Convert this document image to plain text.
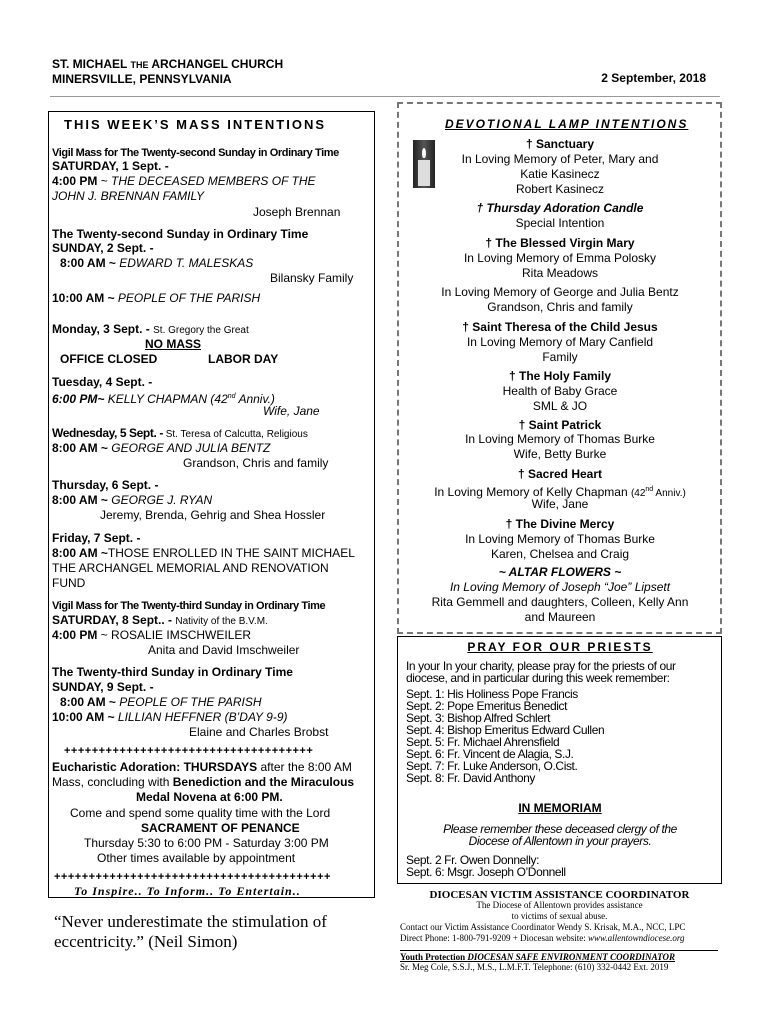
ST. MICHAEL THE ARCHANGEL CHURCH
MINERSVILLE, PENNSYLVANIA	2 September, 2018
THIS WEEK’S MASS INTENTIONS
Vigil Mass for The Twenty-second Sunday in Ordinary Time
SATURDAY, 1 Sept. -
4:00 PM ~ THE DECEASED MEMBERS OF THE
JOHN J. BRENNAN FAMILY
Joseph Brennan
The Twenty-second Sunday in Ordinary Time
SUNDAY, 2 Sept. -
8:00 AM ~ EDWARD T. MALESKAS
Bilansky Family
10:00 AM ~ PEOPLE OF THE PARISH
Monday, 3 Sept. - St. Gregory the Great
NO MASS
OFFICE CLOSED	LABOR DAY
Tuesday, 4 Sept. -
6:00 PM~ KELLY CHAPMAN (42nd Anniv.)
Wife, Jane
Wednesday, 5 Sept. - St. Teresa of Calcutta, Religious
8:00 AM ~ GEORGE AND JULIA BENTZ
Grandson, Chris and family
Thursday, 6 Sept. -
8:00 AM ~ GEORGE J. RYAN
Jeremy, Brenda, Gehrig and Shea Hossler
Friday, 7 Sept. -
8:00 AM ~THOSE ENROLLED IN THE SAINT MICHAEL
THE ARCHANGEL MEMORIAL AND RENOVATION
FUND
Vigil Mass for The Twenty-third Sunday in Ordinary Time
SATURDAY, 8 Sept.. - Nativity of the B.V.M.
4:00 PM ~ ROSALIE IMSCHWEILER
Anita and David Imschweiler
The Twenty-third Sunday in Ordinary Time
SUNDAY, 9 Sept. -
8:00 AM ~ PEOPLE OF THE PARISH
10:00 AM ~ LILLIAN HEFFNER (B’DAY 9-9)
Elaine and Charles Brobst
++++++++++++++++++++++++++++++++++++
Eucharistic Adoration: THURSDAYS after the 8:00 AM
Mass, concluding with Benediction and the Miraculous
Medal Novena at 6:00 PM.
Come and spend some quality time with the Lord
SACRAMENT OF PENANCE
Thursday 5:30 to 6:00 PM - Saturday 3:00 PM
Other times available by appointment
++++++++++++++++++++++++++++++++++++++++
To Inspire.. To Inform.. To Entertain..
“Never underestimate the stimulation of
eccentricity.” (Neil Simon)
DEVOTIONAL LAMP INTENTIONS
† Sanctuary
In Loving Memory of Peter, Mary and
Katie Kasinecz
Robert Kasinecz
† Thursday Adoration Candle
Special Intention
† The Blessed Virgin Mary
In Loving Memory of Emma Polosky
Rita Meadows
In Loving Memory of George and Julia Bentz
Grandson, Chris and family
† Saint Theresa of the Child Jesus
In Loving Memory of Mary Canfield
Family
† The Holy Family
Health of Baby Grace
SML & JO
† Saint Patrick
In Loving Memory of Thomas Burke
Wife, Betty Burke
† Sacred Heart
In Loving Memory of Kelly Chapman (42nd Anniv.)
Wife, Jane
† The Divine Mercy
In Loving Memory of Thomas Burke
Karen, Chelsea and Craig
~ ALTAR FLOWERS ~
In Loving Memory of Joseph “Joe” Lipsett
Rita Gemmell and daughters, Colleen, Kelly Ann
and Maureen
PRAY FOR OUR PRIESTS
In your In your charity, please pray for the priests of our
diocese, and in particular during this week remember:
Sept. 1: His Holiness Pope Francis
Sept. 2: Pope Emeritus Benedict
Sept. 3: Bishop Alfred Schlert
Sept. 4: Bishop Emeritus Edward Cullen
Sept. 5: Fr. Michael Ahrensfield
Sept. 6: Fr. Vincent de Alagia, S.J.
Sept. 7: Fr. Luke Anderson, O.Cist.
Sept. 8: Fr. David Anthony
IN MEMORIAM
Please remember these deceased clergy of the
Diocese of Allentown in your prayers.
Sept. 2 Fr. Owen Donnelly:
Sept. 6: Msgr. Joseph O’Donnell
DIOCESAN VICTIM ASSISTANCE COORDINATOR
The Diocese of Allentown provides assistance
to victims of sexual abuse.
Contact our Victim Assistance Coordinator Wendy S. Krisak, M.A., NCC, LPC
Direct Phone: 1-800-791-9209 + Diocesan website: www.allentowndiocese.org
Youth Protection DIOCESAN SAFE ENVIRONMENT COORDINATOR
Sr. Meg Cole, S.S.J., M.S., L.M.F.T. Telephone: (610) 332-0442 Ext. 2019
